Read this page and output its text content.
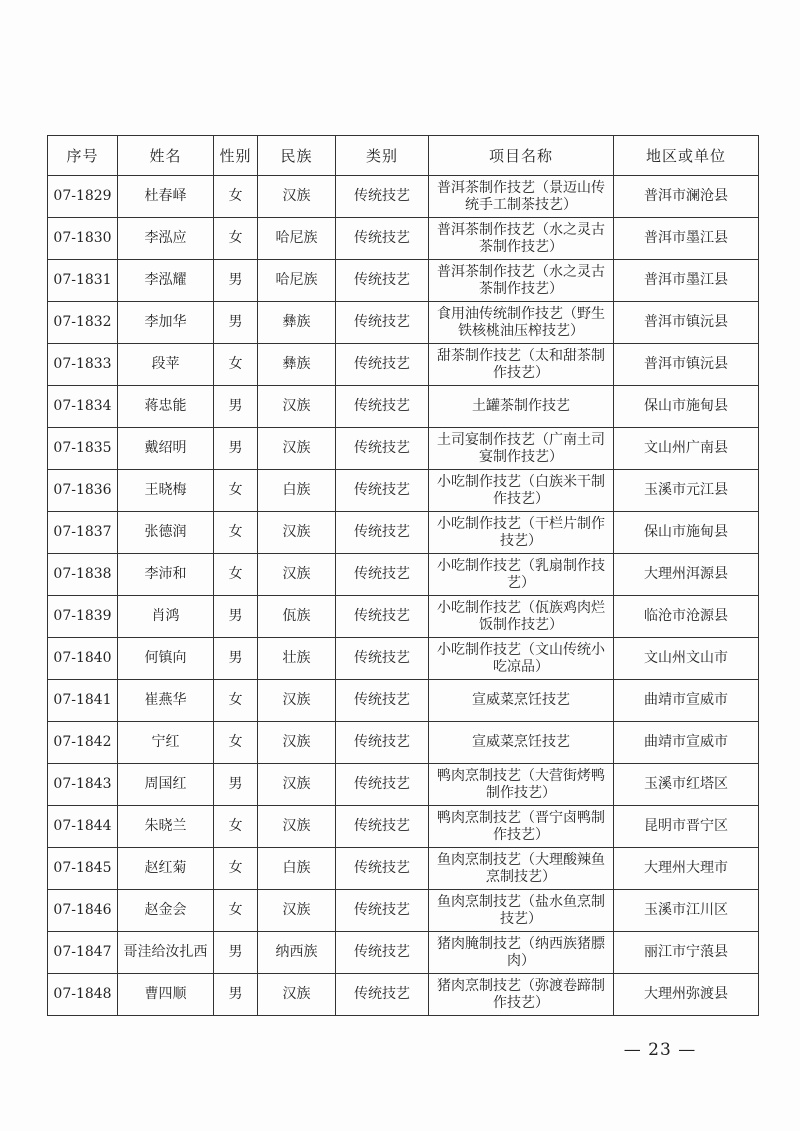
序号	姓名	性别	民族	类别	项目名称	地区或单位
07-1829	杜春峄	女	汉族	传统技艺	普洱茶制作技艺（景迈山传统手工制茶技艺）	普洱市澜沧县
07-1830	李泓应	女	哈尼族	传统技艺	普洱茶制作技艺（水之灵古茶制作技艺）	普洱市墨江县
07-1831	李泓耀	男	哈尼族	传统技艺	普洱茶制作技艺（水之灵古茶制作技艺）	普洱市墨江县
07-1832	李加华	男	彝族	传统技艺	食用油传统制作技艺（野生铁核桃油压榨技艺）	普洱市镇沅县
07-1833	段苹	女	彝族	传统技艺	甜茶制作技艺（太和甜茶制作技艺）	普洱市镇沅县
07-1834	蒋忠能	男	汉族	传统技艺	土罐茶制作技艺	保山市施甸县
07-1835	戴绍明	男	汉族	传统技艺	土司宴制作技艺（广南土司宴制作技艺）	文山州广南县
07-1836	王晓梅	女	白族	传统技艺	小吃制作技艺（白族米干制作技艺）	玉溪市元江县
07-1837	张德润	女	汉族	传统技艺	小吃制作技艺（干栏片制作技艺）	保山市施甸县
07-1838	李沛和	女	汉族	传统技艺	小吃制作技艺（乳扇制作技艺）	大理州洱源县
07-1839	肖鸿	男	佤族	传统技艺	小吃制作技艺（佤族鸡肉烂饭制作技艺）	临沧市沧源县
07-1840	何镇向	男	壮族	传统技艺	小吃制作技艺（文山传统小吃凉品）	文山州文山市
07-1841	崔燕华	女	汉族	传统技艺	宣威菜烹饪技艺	曲靖市宣威市
07-1842	宁红	女	汉族	传统技艺	宣威菜烹饪技艺	曲靖市宣威市
07-1843	周国红	男	汉族	传统技艺	鸭肉烹制技艺（大营街烤鸭制作技艺）	玉溪市红塔区
07-1844	朱晓兰	女	汉族	传统技艺	鸭肉烹制技艺（晋宁卤鸭制作技艺）	昆明市晋宁区
07-1845	赵红菊	女	白族	传统技艺	鱼肉烹制技艺（大理酸辣鱼烹制技艺）	大理州大理市
07-1846	赵金会	女	汉族	传统技艺	鱼肉烹制技艺（盐水鱼烹制技艺）	玉溪市江川区
07-1847	哥洼给汝扎西	男	纳西族	传统技艺	猪肉腌制技艺（纳西族猪膘肉）	丽江市宁蒗县
07-1848	曹四顺	男	汉族	传统技艺	猪肉烹制技艺（弥渡卷蹄制作技艺）	大理州弥渡县
— 23 —
